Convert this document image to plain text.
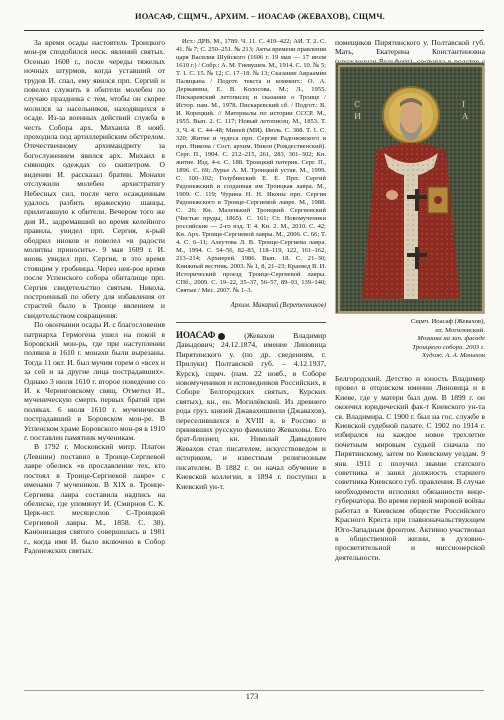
ИОАСАФ, СЩМЧ., АРХИМ. – ИОАСАФ (ЖЕВАХОВ), СЩМЧ.

За время осады настоятель Троицкого мон-ря сподобился неск. явлений святых. Осенью 1608 г., после череды тяжелых ночных штурмов, когда уставший от трудов И. спал, ему явился прп. Сергий и повелел служить в обители молебен по случаю праздника с тем, чтобы он скорее молился за насельников, находящихся в осаде. Из-за военных действий служба в честь Собора арх. Михаила 8 нояб. проходила под артиллерийским обстрелом. Отечественному архимандриту за богослужением явился арх. Михаил в сияющих одеждах со скипетром. О видении И. рассказал братии. Монахи отслужили молебен архистратигу Небесных сил, после чего осажденным удалось разбить вражескую шанцы, прилегавшую к обители. Вечером того же дня И., задремавший во время келейного правила, увидел прп. Сергия, к-рый ободрил иноков и повелел «в радости молитвы приносить». 9 мая 1609 г. И. вновь увидел прп. Сергия, в это время стоящим у гробницы. Через нек-рое время после Успенского собора обиталище прп. Сергия свидетельство святым. Никола, построенный по обету для избавления от страстей было в Троице явлением и свидетельством сокращения.

По окончании осады И. с благословения патриарха Гермогена ушел на покой в Боровский мон-рь, где при наступлении поляков в 1610 г. монахи были вырезаны. Тогда 11 окт. И. был мучим горем о «всех и за сей и за другие лица пострадавших». Однако 3 июля 1610 г. второе поведение со И. к Черниговскому свящ. Отметил И., мученическую смерть первых братий при поляках. 6 июля 1610 г. мученически пострадавший в Боровском мон-ре. В Успенском храме Боровского мон-ря в 1910 г. поставлен памятник мученикам.

В 1792 г. Московский митр. Платон (Левшин) поставил в Троице-Сергиевой лавре обелиск «в прославление тех, кто постоял в Троице-Сергиевой лавре» с именами 7 мучеников. В XIX в. Троице-Сергиева лавра составила надпись на обелиске, где упомянут И. (Смирнов С. К. Церк-ист. месяцеслов С-Троицкой Сергиевой лавры. М., 1858. С. 38). Канонизация святого совершилась в 1981 г., когда имя И. было включено в Собор Радонежских святых.

Ист.: ДРВ. М., 1789. Ч. 11. С. 419–422; АИ. Т. 2. С. 41. № 7; С. 250–251. № 213; Акты времени правления царя Василия Шуйского (1606 г. 19 мая — 17 июля 1610 г.) / Собр.: А. М. Гневушев. М., 1914. С. 10. № 5; Т. 1. С. 15. № 12; С. 17–18. № 13; Сказание Авраамия Палицына / Подгот. текста и коммент.: О. А. Державина, Е. В. Колосова. М.; Л., 1955. Пискаревский летописец и сказание о Троице / Истор. пам. М., 1978. Пискаревский сб. / Подгот.: В. И. Корецкий. // Материалы по истории СССР. М., 1955. Вып. 2. С. 117; Новый летописец. М., 1853. Т. 3, Ч. 4. С. 44–48; Миней (МИ). Июль. С. 308. Т. 1. С. 320; Житие и чудеса прп. Сергия Радонежского и прп. Никона / Сост. архим. Никон (Рождественский). Серг. П., 1904. С. 212–215, 261, 283, 301–302; Кн. житие. Изд. 4-е. С. 188. Троицкий патерик. Серг. П., 1896. С. 69; Лурье А. М. Троицкий устав. М., 1999. С. 100–102; Голубинский Е. Е. Прп. Сергий Радонежский и созданная им Троицкая лавра. М., 1909. С. 119; Чурина Н. Н. Иконы прп. Сергия Радонежского в Троице-Сергиевой лавре. М., 1988. С. 26; Кн. Маленький Троицкий Сергиевский (Чистые пруды, 1865). С. 161; Ст. Новомученики российские — 2-го изд. Т. 4. Кн. 2. М., 2010. С. 42; Кн. Арх. Троице-Сергиевой лавры. М., 2006. С. 66; Т. 4. С. 6–11; Алеутова Л. В. Троице-Сергиева лавра. М., 1994. С. 54–56, 82–83, 118–119, 122, 161–162, 213–214; Архиерей. 1986. Вып. 18. С. 21–30; Книжный вестник. 2003. № 1, 8, 21–23; Краевед В. И. Исторический проезд Троице-Сергиевой лавры. СПб., 2009. С. 19–22, 35–37, 56–57, 89–93, 139–140; Святые / Мес. 2007. № 1–3.

Архим. Макарий (Веретенников)

ИОАСАФ (Жевахов Владимир Давыдович; 24.12.1874, имение Линовица Пирятинского у. (по др. сведениям, г. Прилуки) Полтавской губ. – 4.12.1937, Курск), сщмч. (пам. 22 нояб., в Соборе новомучеников и исповедников Российских, в Соборе Белгородских святых, Курских святых), кн., ен. Могилёвский. Из древнего рода груз. князей Джавахишвили (Джавахов), переселившихся в XVIII в. в Россию и принявших русскую фамилию Жеваховы. Его брат-близнец кн. Николай Давыдович Жевахов стал писателем, искусствоведом и историком, и известным религиозным писателем. В 1882 г. он начал обучение в Киевской коллегии, в 1894 г. поступил в Киевский ун-т.

помещиков Пирятинского у. Полтавской губ. Мать, Екатерина Константиновна

С
И
І
А
Сщмч. Иоасаф (Жевахов),
еп. Могилевский.
Мозаика на зап. фасаде
Троицкого собора. 2003 г.
Худож. А. А. Манихон

Белгородский. Детство и юность Владимир провел в отцовском имении Линовица и в Киеве, где у матери был дом. В 1899 г. он окончил юридический фак-т Киевского ун-та св. Владимира. С 1900 г. был на гос. службе в Киевской судебной палате. С 1902 по 1914 г. избирался на каждое новое трехлетие почетным мировым судьей сначала по Пирятинскому, затем по Киевскому уездам. 9 янв. 1911 г. получил звание статского советника и занял должность старшего советника Киевского губ. правления. В случае необходимости исполнял обязанности вице-губернатора. Во время первой мировой войны работал в Киевском обществе Российского Красного Креста при главноначальствующем Юго-Западным фронтом. Активно участвовал в общественной жизни, в духовно-просветительной и миссионерской деятельности.

173
